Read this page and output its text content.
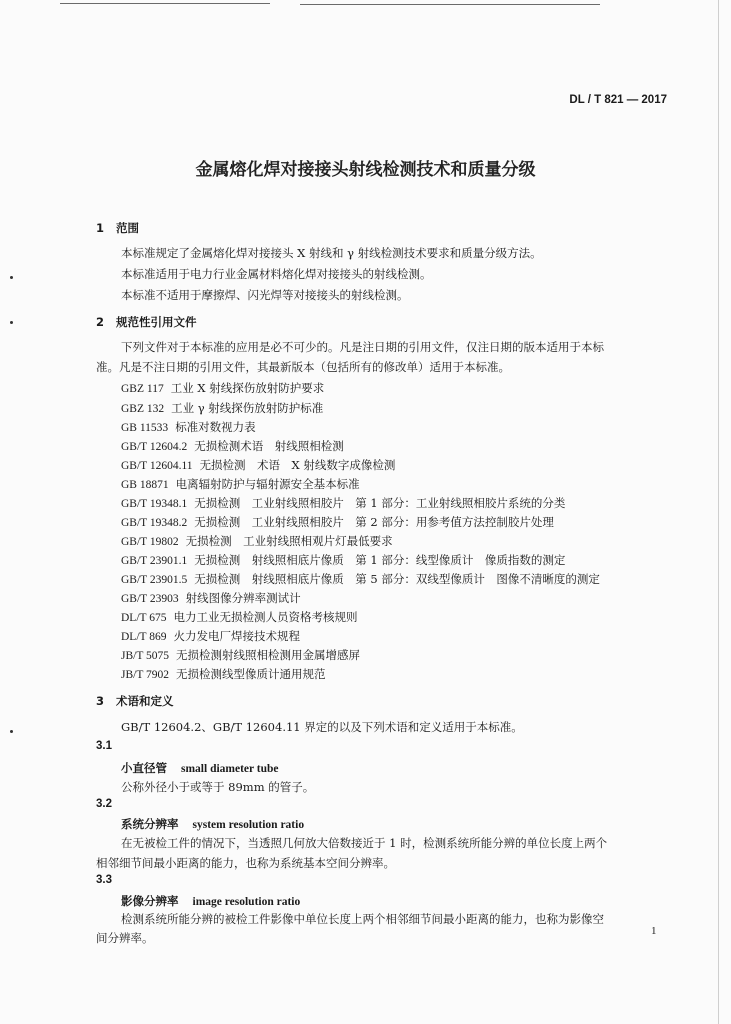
DL / T 821 — 2017
金属熔化焊对接接头射线检测技术和质量分级
1 范围
本标准规定了金属熔化焊对接接头 X 射线和 γ 射线检测技术要求和质量分级方法。
本标准适用于电力行业金属材料熔化焊对接接头的射线检测。
本标准不适用于摩擦焊、闪光焊等对接接头的射线检测。
2 规范性引用文件
下列文件对于本标准的应用是必不可少的。凡是注日期的引用文件，仅注日期的版本适用于本标
准。凡是不注日期的引用文件，其最新版本（包括所有的修改单）适用于本标准。
GBZ 117 工业 X 射线探伤放射防护要求
GBZ 132 工业 γ 射线探伤放射防护标准
GB 11533 标准对数视力表
GB/T 12604.2 无损检测术语　射线照相检测
GB/T 12604.11 无损检测　术语　X 射线数字成像检测
GB 18871 电离辐射防护与辐射源安全基本标准
GB/T 19348.1 无损检测　工业射线照相胶片　第 1 部分：工业射线照相胶片系统的分类
GB/T 19348.2 无损检测　工业射线照相胶片　第 2 部分：用参考值方法控制胶片处理
GB/T 19802 无损检测　工业射线照相观片灯最低要求
GB/T 23901.1 无损检测　射线照相底片像质　第 1 部分：线型像质计　像质指数的测定
GB/T 23901.5 无损检测　射线照相底片像质　第 5 部分：双线型像质计　图像不清晰度的测定
GB/T 23903 射线图像分辨率测试计
DL/T 675 电力工业无损检测人员资格考核规则
DL/T 869 火力发电厂焊接技术规程
JB/T 5075 无损检测射线照相检测用金属增感屏
JB/T 7902 无损检测线型像质计通用规范
3 术语和定义
GB/T 12604.2、GB/T 12604.11 界定的以及下列术语和定义适用于本标准。
3.1
小直径管 small diameter tube
公称外径小于或等于 89mm 的管子。
3.2
系统分辨率 system resolution ratio
在无被检工件的情况下，当透照几何放大倍数接近于 1 时，检测系统所能分辨的单位长度上两个
相邻细节间最小距离的能力，也称为系统基本空间分辨率。
3.3
影像分辨率 image resolution ratio
检测系统所能分辨的被检工件影像中单位长度上两个相邻细节间最小距离的能力，也称为影像空
间分辨率。	1
